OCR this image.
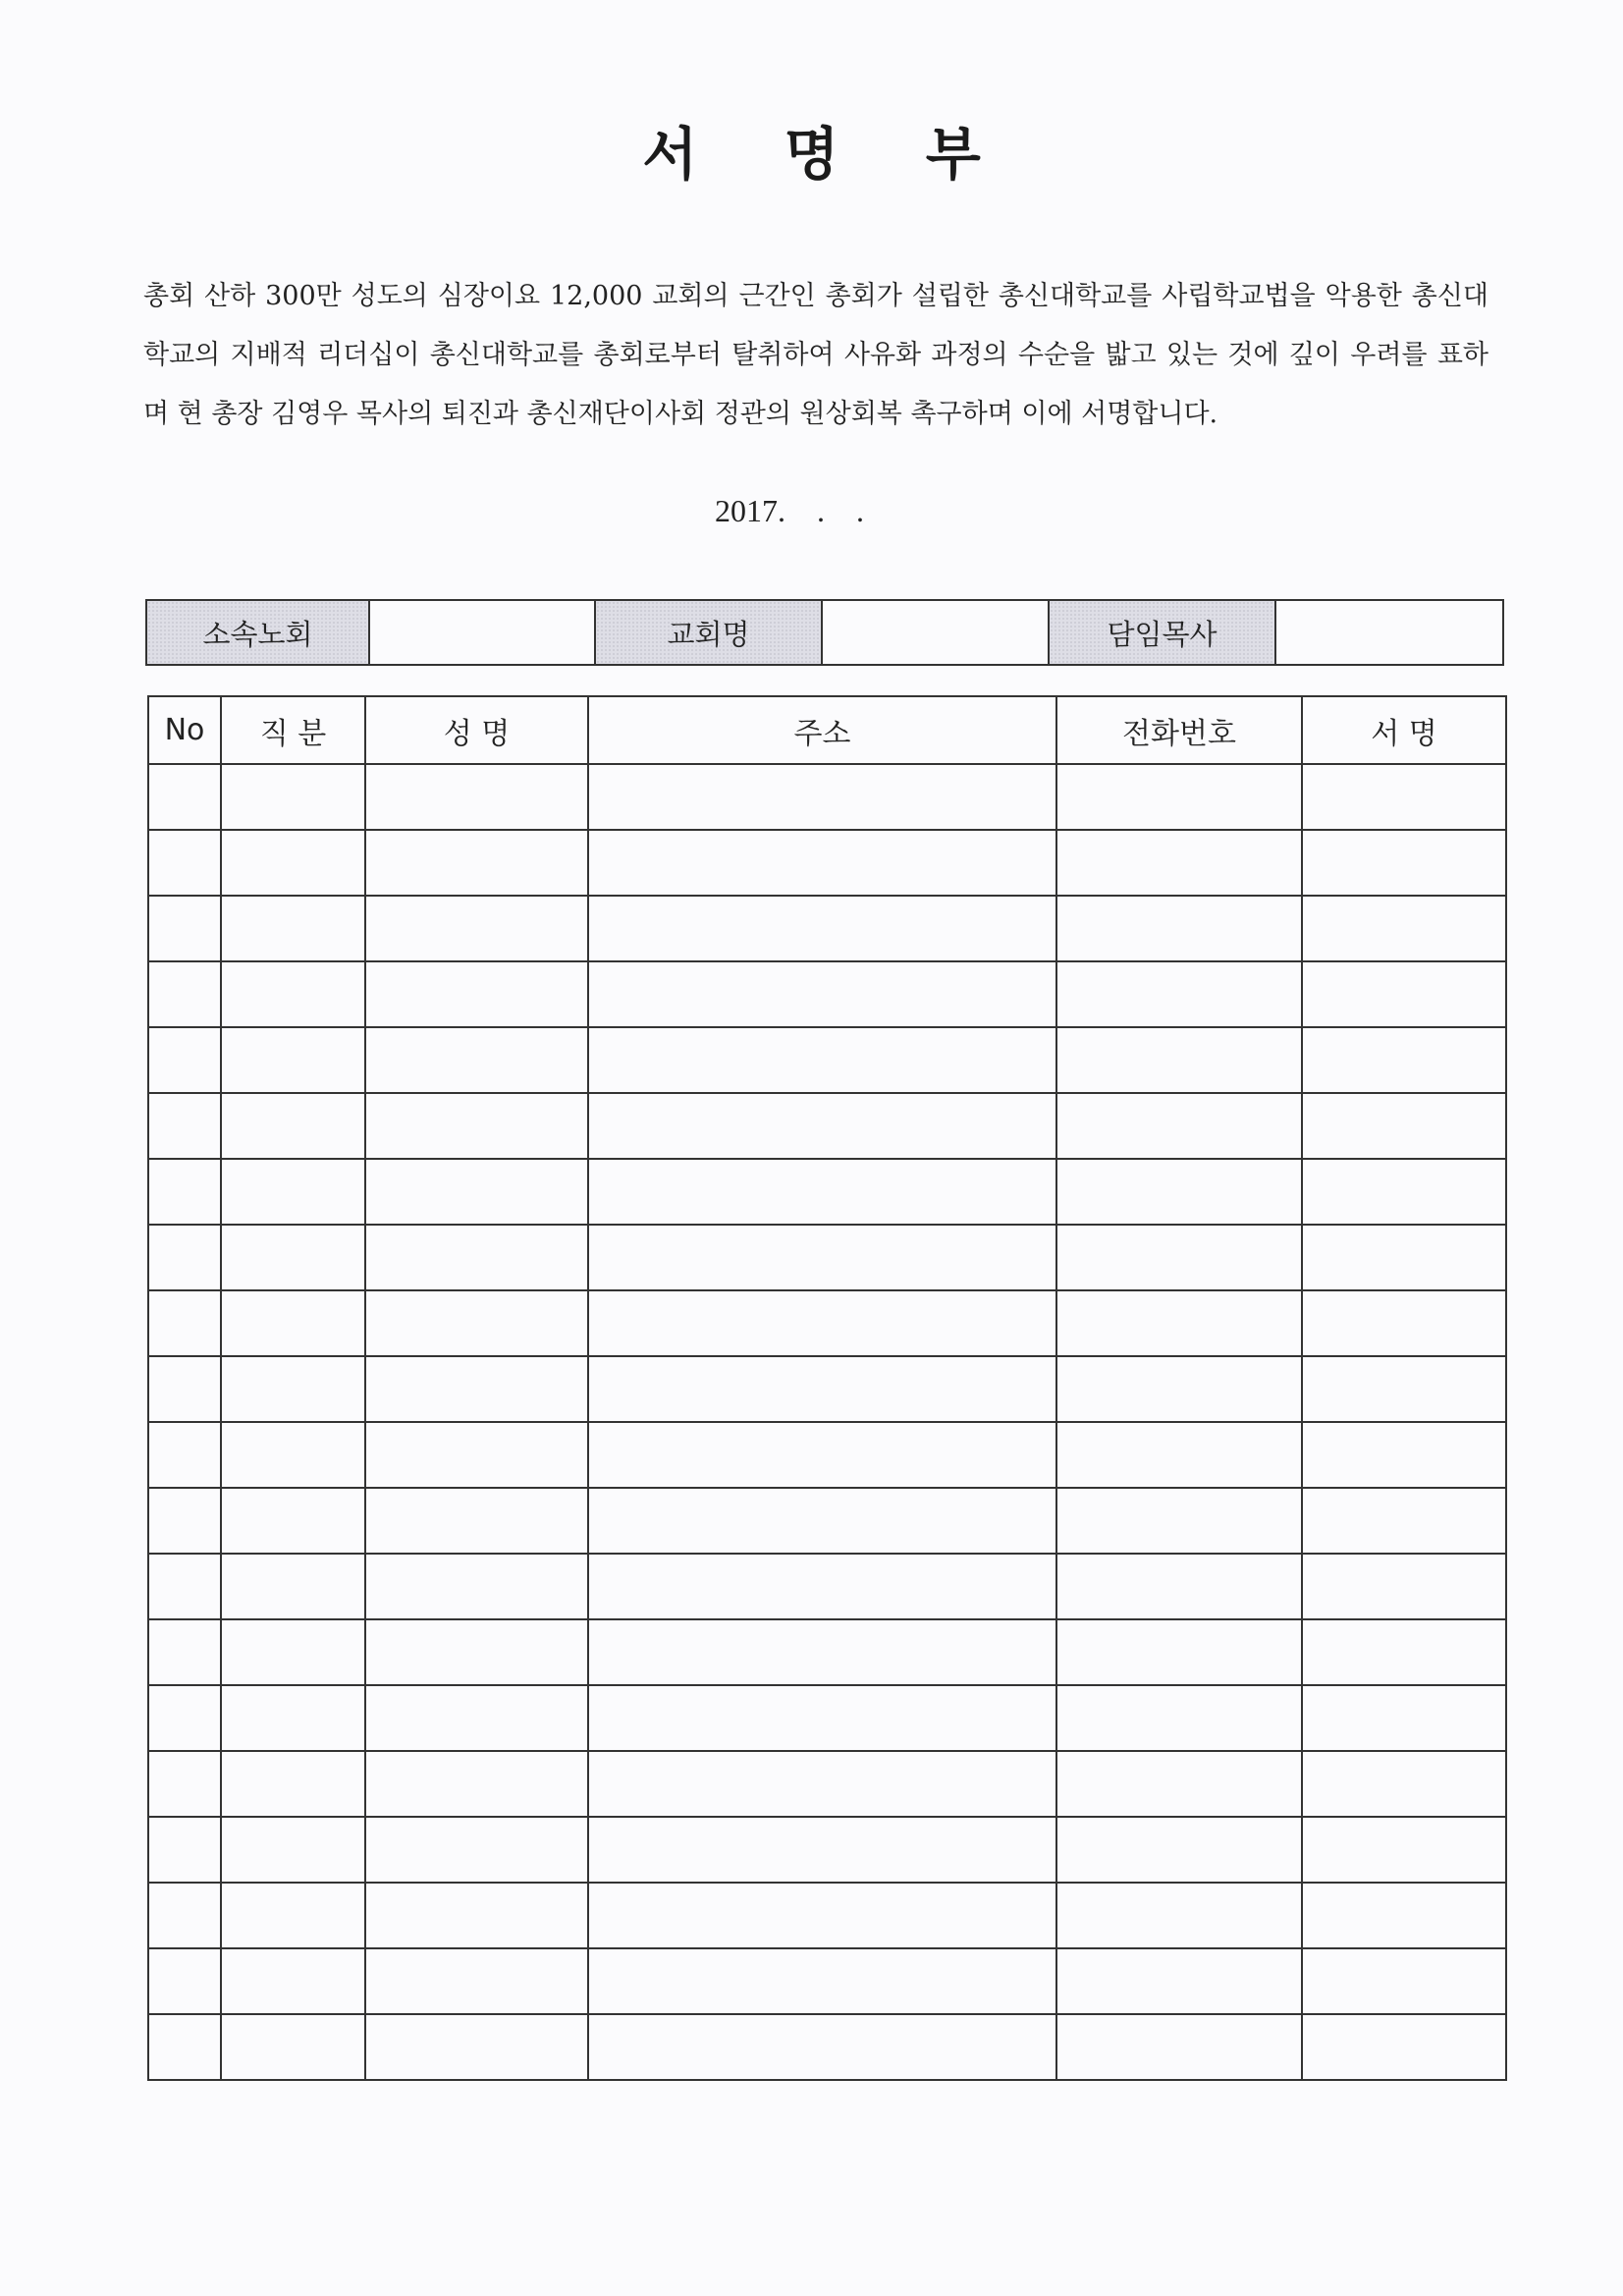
서 명 부

총회 산하 300만 성도의 심장이요 12,000 교회의 근간인 총회가 설립한 총신대학교를 사립학교법을 악용한 총신대학교의 지배적 리더십이 총신대학교를 총회로부터 탈취하여 사유화 과정의 수순을 밟고 있는 것에 깊이 우려를 표하며 현 총장 김영우 목사의 퇴진과 총신재단이사회 정관의 원상회복 촉구하며 이에 서명합니다.

2017.    .    .
소속노회		교회명		담임목사	
No	직 분	성 명	주소	전화번호	서 명
